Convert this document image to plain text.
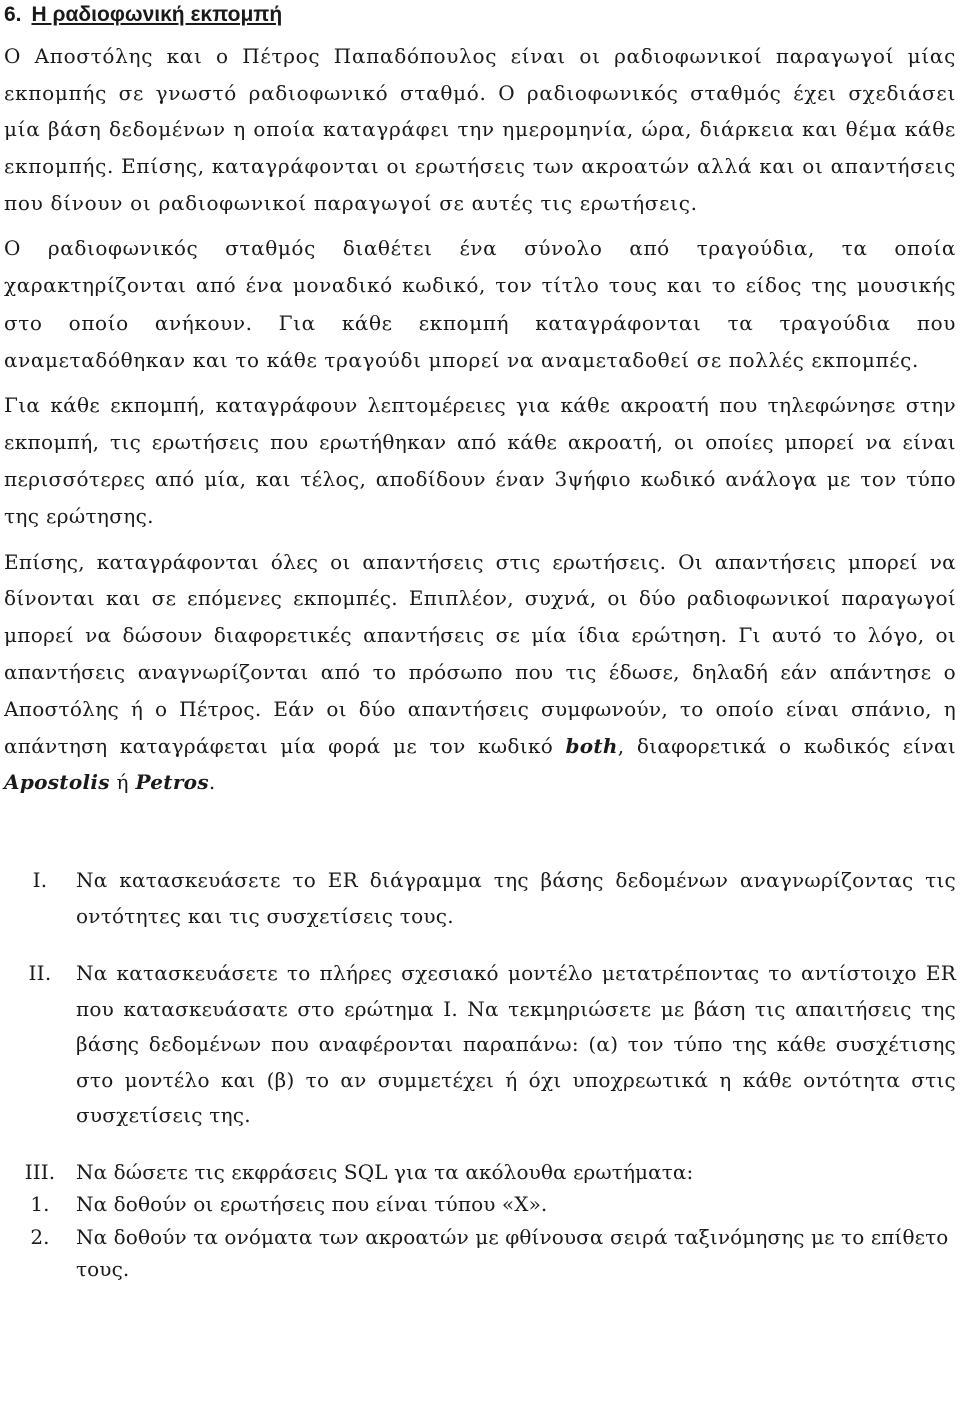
6. Η ραδιοφωνική εκπομπή

Ο Αποστόλης και ο Πέτρος Παπαδόπουλος είναι οι ραδιοφωνικοί παραγωγοί μίας εκπομπής σε γνωστό ραδιοφωνικό σταθμό. Ο ραδιοφωνικός σταθμός έχει σχεδιάσει μία βάση δεδομένων η οποία καταγράφει την ημερομηνία, ώρα, διάρκεια και θέμα κάθε εκπομπής. Επίσης, καταγράφονται οι ερωτήσεις των ακροατών αλλά και οι απαντήσεις που δίνουν οι ραδιοφωνικοί παραγωγοί σε αυτές τις ερωτήσεις.

Ο ραδιοφωνικός σταθμός διαθέτει ένα σύνολο από τραγούδια, τα οποία χαρακτηρίζονται από ένα μοναδικό κωδικό, τον τίτλο τους και το είδος της μουσικής στο οποίο ανήκουν. Για κάθε εκπομπή καταγράφονται τα τραγούδια που αναμεταδόθηκαν και το κάθε τραγούδι μπορεί να αναμεταδοθεί σε πολλές εκπομπές.

Για κάθε εκπομπή, καταγράφουν λεπτομέρειες για κάθε ακροατή που τηλεφώνησε στην εκπομπή, τις ερωτήσεις που ερωτήθηκαν από κάθε ακροατή, οι οποίες μπορεί να είναι περισσότερες από μία, και τέλος, αποδίδουν έναν 3ψήφιο κωδικό ανάλογα με τον τύπο της ερώτησης.

Επίσης, καταγράφονται όλες οι απαντήσεις στις ερωτήσεις. Οι απαντήσεις μπορεί να δίνονται και σε επόμενες εκπομπές. Επιπλέον, συχνά, οι δύο ραδιοφωνικοί παραγωγοί μπορεί να δώσουν διαφορετικές απαντήσεις σε μία ίδια ερώτηση. Γι αυτό το λόγο, οι απαντήσεις αναγνωρίζονται από το πρόσωπο που τις έδωσε, δηλαδή εάν απάντησε ο Αποστόλης ή ο Πέτρος. Εάν οι δύο απαντήσεις συμφωνούν, το οποίο είναι σπάνιο, η απάντηση καταγράφεται μία φορά με τον κωδικό both, διαφορετικά ο κωδικός είναι Apostolis ή Petros.

I.	Να κατασκευάσετε το ER διάγραμμα της βάσης δεδομένων αναγνωρίζοντας τις οντότητες και τις συσχετίσεις τους.
II.	Να κατασκευάσετε το πλήρες σχεσιακό μοντέλο μετατρέποντας το αντίστοιχο ER που κατασκευάσατε στο ερώτημα Ι. Να τεκμηριώσετε με βάση τις απαιτήσεις της βάσης δεδομένων που αναφέρονται παραπάνω: (α) τον τύπο της κάθε συσχέτισης στο μοντέλο και (β) το αν συμμετέχει ή όχι υποχρεωτικά η κάθε οντότητα στις συσχετίσεις της.
III.	Να δώσετε τις εκφράσεις SQL για τα ακόλουθα ερωτήματα:
1.	Να δοθούν οι ερωτήσεις που είναι τύπου «Χ».
2.	Να δοθούν τα ονόματα των ακροατών με φθίνουσα σειρά ταξινόμησης με το επίθετο τους.
